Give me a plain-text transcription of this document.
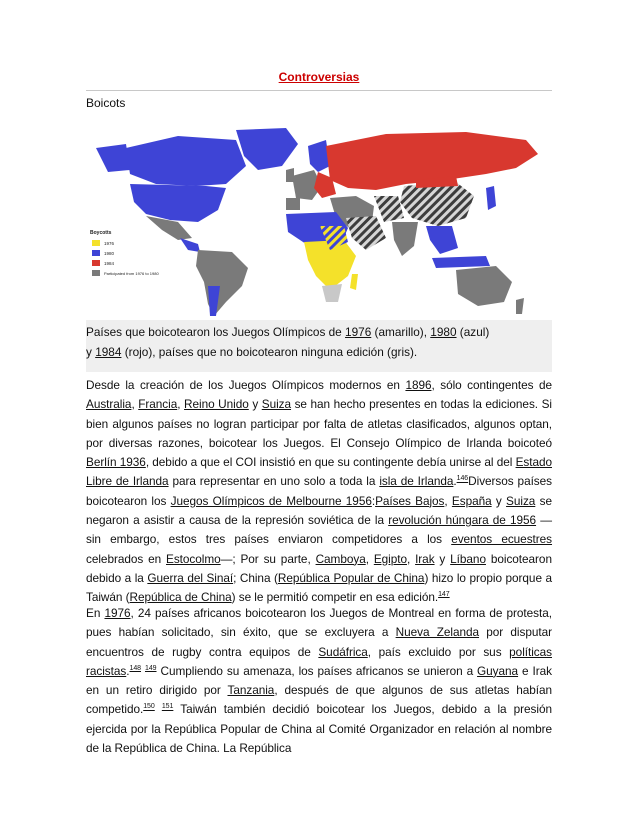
Controversias
Boicots
Boycotts
1976
1980
1984
Participated from 1976 to 1980
Países que boicotearon los Juegos Olímpicos de 1976 (amarillo), 1980 (azul)
y 1984 (rojo), países que no boicotearon ninguna edición (gris).
Desde la creación de los Juegos Olímpicos modernos en 1896, sólo contingentes de Australia, Francia, Reino Unido y Suiza se han hecho presentes en todas la ediciones. Si bien algunos países no logran participar por falta de atletas clasificados, algunos optan, por diversas razones, boicotear los Juegos. El Consejo Olímpico de Irlanda boicoteó Berlín 1936, debido a que el COI insistió en que su contingente debía unirse al del Estado Libre de Irlanda para representar en uno solo a toda la isla de Irlanda.$^{146}$Diversos países boicotearon los Juegos Olímpicos de Melbourne 1956:Países Bajos, España y Suiza se negaron a asistir a causa de la represión soviética de la revolución húngara de 1956 —sin embargo, estos tres países enviaron competidores a los eventos ecuestres celebrados en Estocolmo—; Por su parte, Camboya, Egipto, Irak y Líbano boicotearon debido a la Guerra del Sinaí; China (República Popular de China) hizo lo propio porque a Taiwán (República de China) se le permitió competir en esa edición.$^{147}$
En 1976, 24 países africanos boicotearon los Juegos de Montreal en forma de protesta, pues habían solicitado, sin éxito, que se excluyera a Nueva Zelanda por disputar encuentros de rugby contra equipos de Sudáfrica, país excluido por sus políticas racistas.$^{148}$ $^{149}$ Cumpliendo su amenaza, los países africanos se unieron a Guyana e Irak en un retiro dirigido por Tanzania, después de que algunos de sus atletas habían competido.$^{150}$ $^{151}$ Taiwán también decidió boicotear los Juegos, debido a la presión ejercida por la República Popular de China al Comité Organizador en relación al nombre de la República de China. La República
